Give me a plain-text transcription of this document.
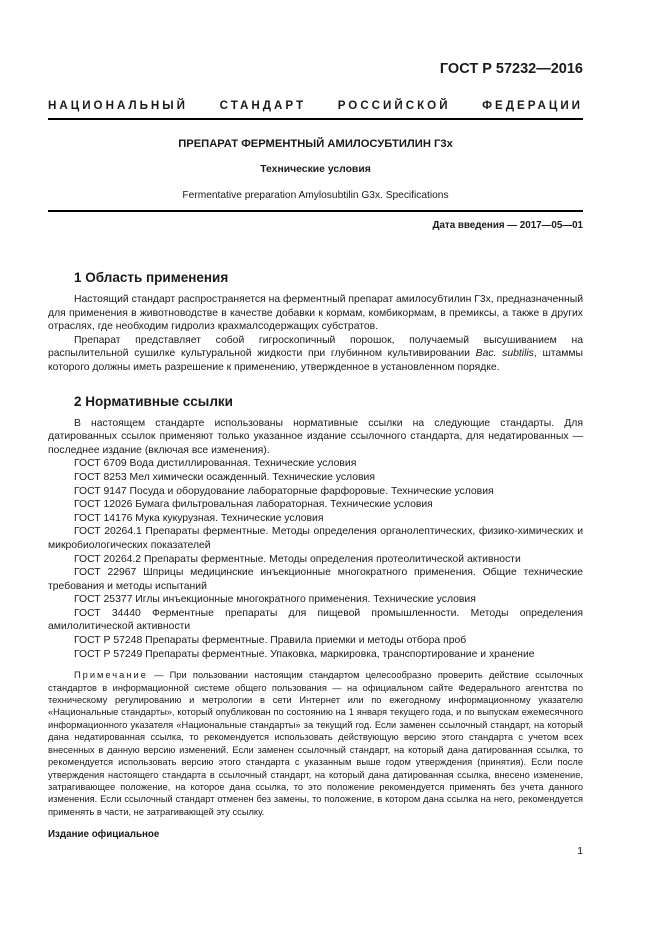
ГОСТ Р 57232—2016
НАЦИОНАЛЬНЫЙ СТАНДАРТ РОССИЙСКОЙ ФЕДЕРАЦИИ
ПРЕПАРАТ ФЕРМЕНТНЫЙ АМИЛОСУБТИЛИН Г3х
Технические условия
Fermentative preparation Amylosubtilin G3x. Specifications
Дата введения — 2017—05—01
1 Область применения

Настоящий стандарт распространяется на ферментный препарат амилосубтилин Г3х, предназначенный для применения в животноводстве в качестве добавки к кормам, комбикормам, в премиксы, а также в других отраслях, где необходим гидролиз крахмалсодержащих субстратов.

Препарат представляет собой гигроскопичный порошок, получаемый высушиванием на распылительной сушилке культуральной жидкости при глубинном культивировании Bac. subtilis, штаммы которого должны иметь разрешение к применению, утвержденное в установленном порядке.

2 Нормативные ссылки

В настоящем стандарте использованы нормативные ссылки на следующие стандарты. Для датированных ссылок применяют только указанное издание ссылочного стандарта, для недатированных — последнее издание (включая все изменения).

ГОСТ 6709 Вода дистиллированная. Технические условия

ГОСТ 8253 Мел химически осажденный. Технические условия

ГОСТ 9147 Посуда и оборудование лабораторные фарфоровые. Технические условия

ГОСТ 12026 Бумага фильтровальная лабораторная. Технические условия

ГОСТ 14176 Мука кукурузная. Технические условия

ГОСТ 20264.1 Препараты ферментные. Методы определения органолептических, физико-химических и микробиологических показателей

ГОСТ 20264.2 Препараты ферментные. Методы определения протеолитической активности

ГОСТ 22967 Шприцы медицинские инъекционные многократного применения. Общие технические требования и методы испытаний

ГОСТ 25377 Иглы инъекционные многократного применения. Технические условия

ГОСТ 34440 Ферментные препараты для пищевой промышленности. Методы определения амилолитической активности

ГОСТ Р 57248 Препараты ферментные. Правила приемки и методы отбора проб

ГОСТ Р 57249 Препараты ферментные. Упаковка, маркировка, транспортирование и хранение

Примечание — При пользовании настоящим стандартом целесообразно проверить действие ссылочных стандартов в информационной системе общего пользования — на официальном сайте Федерального агентства по техническому регулированию и метрологии в сети Интернет или по ежегодному информационному указателю «Национальные стандарты», который опубликован по состоянию на 1 января текущего года, и по выпускам ежемесячного информационного указателя «Национальные стандарты» за текущий год. Если заменен ссылочный стандарт, на который дана недатированная ссылка, то рекомендуется использовать действующую версию этого стандарта с учетом всех внесенных в данную версию изменений. Если заменен ссылочный стандарт, на который дана датированная ссылка, то рекомендуется использовать версию этого стандарта с указанным выше годом утверждения (принятия). Если после утверждения настоящего стандарта в ссылочный стандарт, на который дана датированная ссылка, внесено изменение, затрагивающее положение, на которое дана ссылка, то это положение рекомендуется применять без учета данного изменения. Если ссылочный стандарт отменен без замены, то положение, в котором дана ссылка на него, рекомендуется применять в части, не затрагивающей эту ссылку.

Издание официальное
1
